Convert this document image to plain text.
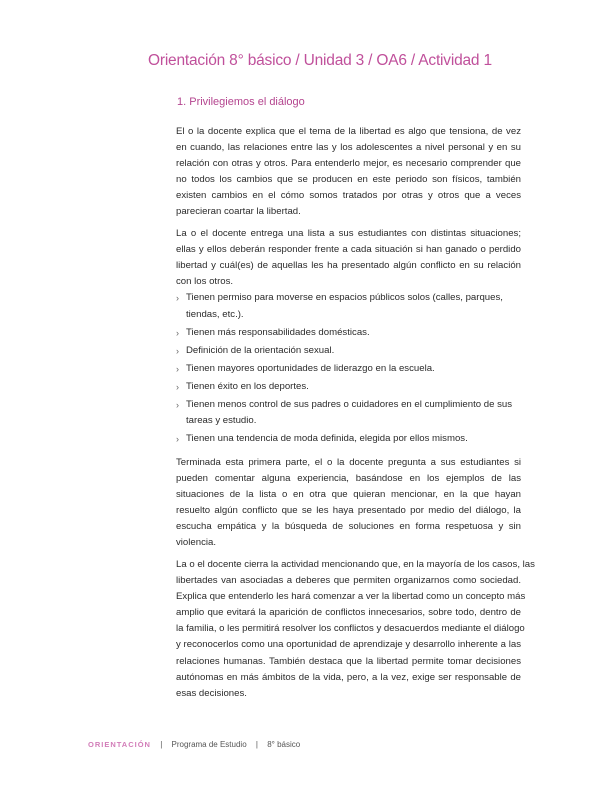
Orientación 8° básico / Unidad 3 / OA6 / Actividad 1
1. Privilegiemos el diálogo
El o la docente explica que el tema de la libertad es algo que tensiona, de vez
en cuando, las relaciones entre las y los adolescentes a nivel personal y en su
relación con otras y otros. Para entenderlo mejor, es necesario comprender que
no todos los cambios que se producen en este periodo son físicos, también
existen cambios en el cómo somos tratados por otras y otros que a veces
parecieran coartar la libertad.
La o el docente entrega una lista a sus estudiantes con distintas situaciones;
ellas y ellos deberán responder frente a cada situación si han ganado o perdido
libertad y cuál(es) de aquellas les ha presentado algún conflicto en su relación
con los otros.
› Tienen permiso para moverse en espacios públicos solos (calles, parques, tiendas, etc.).
› Tienen más responsabilidades domésticas.
› Definición de la orientación sexual.
› Tienen mayores oportunidades de liderazgo en la escuela.
› Tienen éxito en los deportes.
› Tienen menos control de sus padres o cuidadores en el cumplimiento de sus tareas y estudio.
› Tienen una tendencia de moda definida, elegida por ellos mismos.
Terminada esta primera parte, el o la docente pregunta a sus estudiantes si
pueden comentar alguna experiencia, basándose en los ejemplos de las
situaciones de la lista o en otra que quieran mencionar, en la que hayan
resuelto algún conflicto que se les haya presentado por medio del diálogo, la
escucha empática y la búsqueda de soluciones en forma respetuosa y sin
violencia.
La o el docente cierra la actividad mencionando que, en la mayoría de los casos, las
libertades van asociadas a deberes que permiten organizarnos como sociedad.
Explica que entenderlo les hará comenzar a ver la libertad como un concepto más
amplio que evitará la aparición de conflictos innecesarios, sobre todo, dentro de
la familia, o les permitirá resolver los conflictos y desacuerdos mediante el diálogo
y reconocerlos como una oportunidad de aprendizaje y desarrollo inherente a las
relaciones humanas. También destaca que la libertad permite tomar decisiones
autónomas en más ámbitos de la vida, pero, a la vez, exige ser responsable de
esas decisiones.
ORIENTACIÓN | Programa de Estudio | 8° básico
